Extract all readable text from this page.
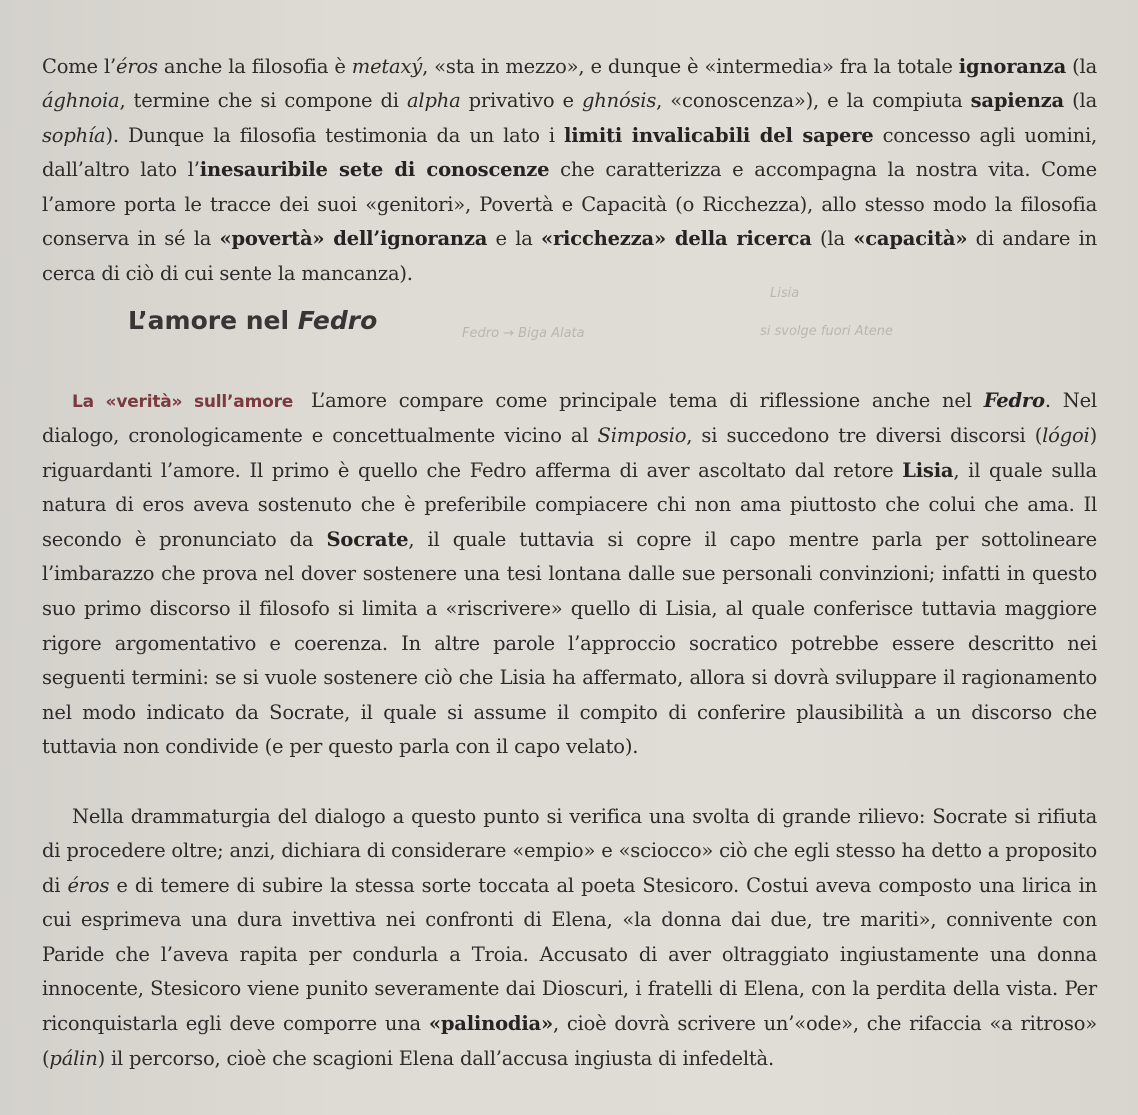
Come l’éros anche la filosofia è metaxý, «sta in mezzo», e dunque è «intermedia» fra la totale ignoranza (la ághnoia, termine che si compone di alpha privativo e ghnósis, «conoscenza»), e la compiuta sapienza (la sophía). Dunque la filosofia testimonia da un lato i limiti invalicabili del sapere concesso agli uomini, dall’altro lato l’inesauribile sete di conoscenze che caratterizza e accompagna la nostra vita. Come l’amore porta le tracce dei suoi «genitori», Povertà e Capacità (o Ricchezza), allo stesso modo la filosofia conserva in sé la «povertà» dell’ignoranza e la «ricchezza» della ricerca (la «capacità» di andare in cerca di ciò di cui sente la mancanza).

L’amore nel Fedro	Fedro → Biga Alata
Lisia
si svolge fuori Atene

La «verità» sull’amore L’amore compare come principale tema di riflessione anche nel Fedro. Nel dialogo, cronologicamente e concettualmente vicino al Simposio, si succedono tre diversi discorsi (lógoi) riguardanti l’amore. Il primo è quello che Fedro afferma di aver ascoltato dal retore Lisia, il quale sulla natura di eros aveva sostenuto che è preferibile compiacere chi non ama piuttosto che colui che ama. Il secondo è pronunciato da Socrate, il quale tuttavia si copre il capo mentre parla per sottolineare l’imbarazzo che prova nel dover sostenere una tesi lontana dalle sue personali convinzioni; infatti in questo suo primo discorso il filosofo si limita a «riscrivere» quello di Lisia, al quale conferisce tuttavia maggiore rigore argomentativo e coerenza. In altre parole l’approccio socratico potrebbe essere descritto nei seguenti termini: se si vuole sostenere ciò che Lisia ha affermato, allora si dovrà sviluppare il ragionamento nel modo indicato da Socrate, il quale si assume il compito di conferire plausibilità a un discorso che tuttavia non condivide (e per questo parla con il capo velato).

Nella drammaturgia del dialogo a questo punto si verifica una svolta di grande rilievo: Socrate si rifiuta di procedere oltre; anzi, dichiara di considerare «empio» e «sciocco» ciò che egli stesso ha detto a proposito di éros e di temere di subire la stessa sorte toccata al poeta Stesicoro. Costui aveva composto una lirica in cui esprimeva una dura invettiva nei confronti di Elena, «la donna dai due, tre mariti», connivente con Paride che l’aveva rapita per condurla a Troia. Accusato di aver oltraggiato ingiustamente una donna innocente, Stesicoro viene punito severamente dai Dioscuri, i fratelli di Elena, con la perdita della vista. Per riconquistarla egli deve comporre una «palinodia», cioè dovrà scrivere un’«ode», che rifaccia «a ritroso» (pálin) il percorso, cioè che scagioni Elena dall’accusa ingiusta di infedeltà.
